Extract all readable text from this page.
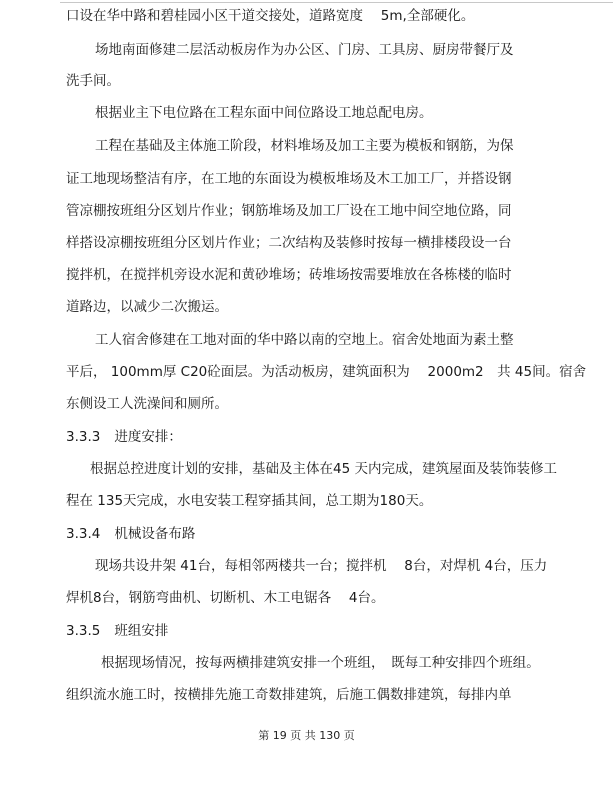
口设在华中路和碧桂园小区干道交接处，道路宽度　 5m,全部硬化。
场地南面修建二层活动板房作为办公区、门房、工具房、厨房带餐厅及
洗手间。
根据业主下电位路在工程东面中间位路设工地总配电房。
工程在基础及主体施工阶段，材料堆场及加工主要为模板和钢筋，为保
证工地现场整洁有序，在工地的东面设为模板堆场及木工加工厂，并搭设钢
管凉棚按班组分区划片作业；钢筋堆场及加工厂设在工地中间空地位路，同
样搭设凉棚按班组分区划片作业；二次结构及装修时按每一横排楼段设一台
搅拌机，在搅拌机旁设水泥和黄砂堆场；砖堆场按需要堆放在各栋楼的临时
道路边，以减少二次搬运。
工人宿舍修建在工地对面的华中路以南的空地上。宿舍处地面为素土整
平后， 100mm厚 C20砼面层。为活动板房，建筑面积为　 2000m2　共 45间。宿舍
东侧设工人洗澡间和厕所。
3.3.3 进度安排：
根据总控进度计划的安排，基础及主体在45 天内完成，建筑屋面及装饰装修工
程在 135天完成，水电安装工程穿插其间，总工期为180天。
3.3.4 机械设备布路
现场共设井架 41台，每相邻两楼共一台；搅拌机　 8台，对焊机 4台，压力
焊机8台，钢筋弯曲机、切断机、木工电锯各　 4台。
3.3.5 班组安排
根据现场情况，按每两横排建筑安排一个班组，　既每工种安排四个班组。
组织流水施工时，按横排先施工奇数排建筑，后施工偶数排建筑，每排内单
第 19 页 共 130 页
